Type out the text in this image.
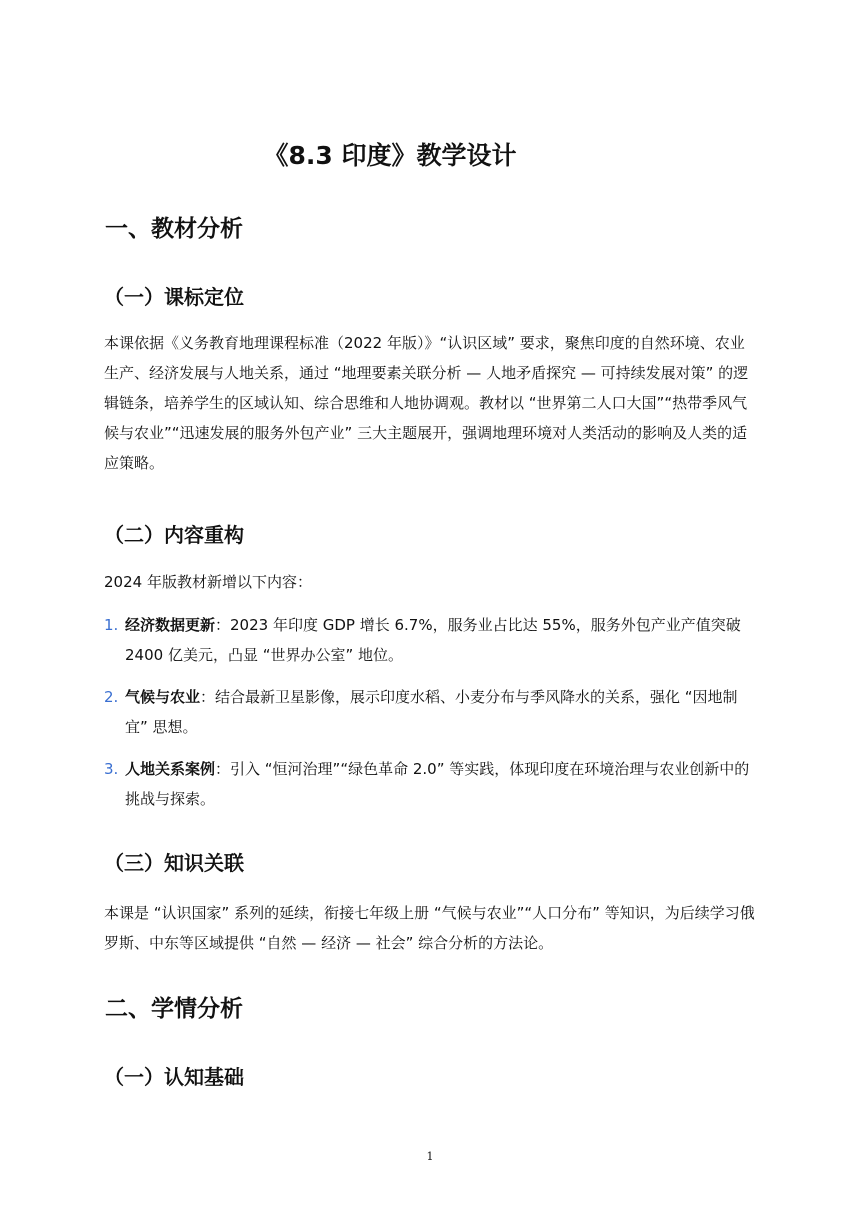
《8.3 印度》教学设计
一、教材分析
（一）课标定位

本课依据《义务教育地理课程标准（2022 年版）》“认识区域” 要求，聚焦印度的自然环境、农业生产、经济发展与人地关系，通过 “地理要素关联分析 — 人地矛盾探究 — 可持续发展对策” 的逻辑链条，培养学生的区域认知、综合思维和人地协调观。教材以 “世界第二人口大国”“热带季风气候与农业”“迅速发展的服务外包产业” 三大主题展开，强调地理环境对人类活动的影响及人类的适应策略。

（二）内容重构

2024 年版教材新增以下内容：

1. 经济数据更新：2023 年印度 GDP 增长 6.7%，服务业占比达 55%，服务外包产业产值突破 2400 亿美元，凸显 “世界办公室” 地位。
2. 气候与农业：结合最新卫星影像，展示印度水稻、小麦分布与季风降水的关系，强化 “因地制宜” 思想。
3. 人地关系案例：引入 “恒河治理”“绿色革命 2.0” 等实践，体现印度在环境治理与农业创新中的挑战与探索。
（三）知识关联

本课是 “认识国家” 系列的延续，衔接七年级上册 “气候与农业”“人口分布” 等知识，为后续学习俄罗斯、中东等区域提供 “自然 — 经济 — 社会” 综合分析的方法论。

二、学情分析
（一）认知基础
1
